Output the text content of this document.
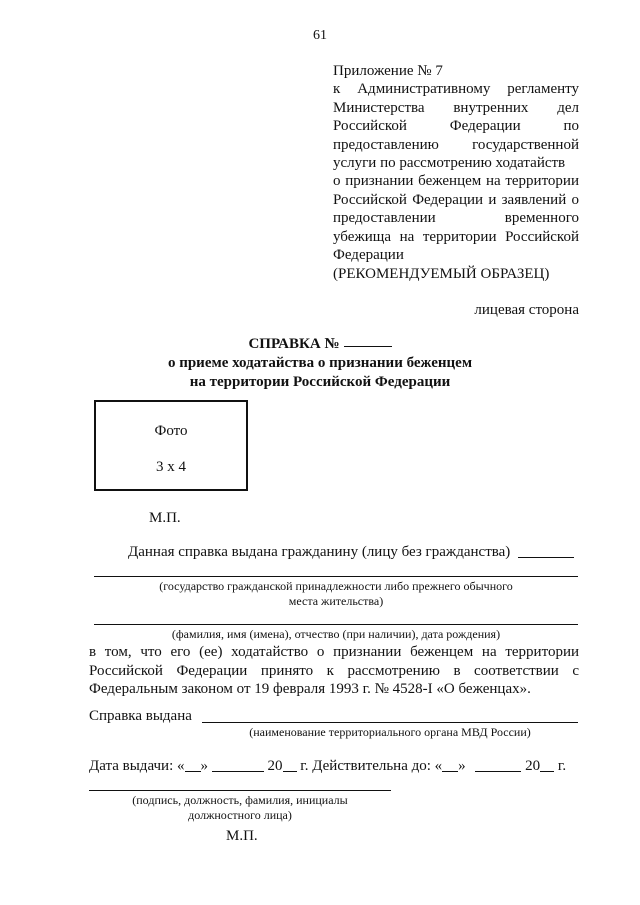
61
Приложение № 7
к Административному регламенту
Министерства внутренних дел
Российской Федерации по
предоставлению государственной
услуги по рассмотрению ходатайств
о признании беженцем на территории
Российской Федерации и заявлений о
предоставлении временного
убежища на территории Российской
Федерации
(РЕКОМЕНДУЕМЫЙ ОБРАЗЕЦ)
лицевая сторона
СПРАВКА №
о приеме ходатайства о признании беженцем
на территории Российской Федерации
Фото
3 х 4
М.П.
Данная справка выдана гражданину (лицу без гражданства)
(государство гражданской принадлежности либо прежнего обычного
места жительства)
(фамилия, имя (имена), отчество (при наличии), дата рождения)
в том, что его (ее) ходатайство о признании беженцем на территории
Российской Федерации принято к рассмотрению в соответствии с
Федеральным законом от 19 февраля 1993 г. № 4528-I «О беженцах».
Справка выдана
(наименование территориального органа МВД России)
Дата выдачи: « »	20 г. Действительна до: « »	20 г.
(подпись, должность, фамилия, инициалы
должностного лица)
М.П.
